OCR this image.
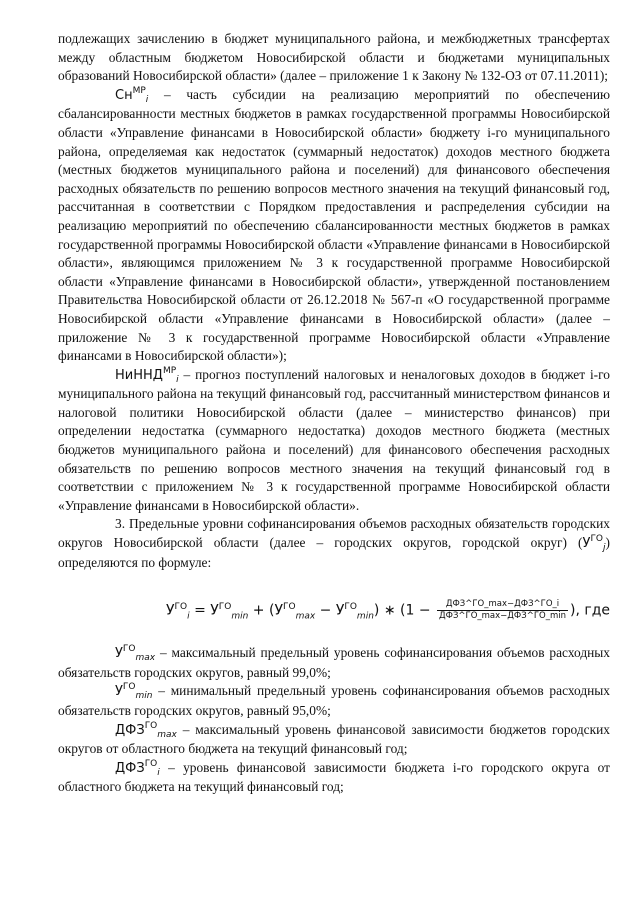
подлежащих зачислению в бюджет муниципального района, и межбюджетных трансфертах между областным бюджетом Новосибирской области и бюджетами муниципальных образований Новосибирской области» (далее – приложение 1 к Закону № 132-ОЗ от 07.11.2011);

$Сн^{МР}_i$ – часть субсидии на реализацию мероприятий по обеспечению сбалансированности местных бюджетов в рамках государственной программы Новосибирской области «Управление финансами в Новосибирской области» бюджету i-го муниципального района, определяемая как недостаток (суммарный недостаток) доходов местного бюджета (местных бюджетов муниципального района и поселений) для финансового обеспечения расходных обязательств по решению вопросов местного значения на текущий финансовый год, рассчитанная в соответствии с Порядком предоставления и распределения субсидии на реализацию мероприятий по обеспечению сбалансированности местных бюджетов в рамках государственной программы Новосибирской области «Управление финансами в Новосибирской области», являющимся приложением № 3 к государственной программе Новосибирской области «Управление финансами в Новосибирской области», утвержденной постановлением Правительства Новосибирской области от 26.12.2018 № 567-п «О государственной программе Новосибирской области «Управление финансами в Новосибирской области» (далее – приложение № 3 к государственной программе Новосибирской области «Управление финансами в Новосибирской области»);

НиННД$^{МР}_i$ – прогноз поступлений налоговых и неналоговых доходов в бюджет i-го муниципального района на текущий финансовый год, рассчитанный министерством финансов и налоговой политики Новосибирской области (далее – министерство финансов) при определении недостатка (суммарного недостатка) доходов местного бюджета (местных бюджетов муниципального района и поселений) для финансового обеспечения расходных обязательств по решению вопросов местного значения на текущий финансовый год в соответствии с приложением № 3 к государственной программе Новосибирской области «Управление финансами в Новосибирской области».

3. Предельные уровни софинансирования объемов расходных обязательств городских округов Новосибирской области (далее – городских округов, городской округ) $(У^{ГО}_j)$ определяются по формуле:

$У^{ГО}_i = У^{ГО}_{min} + (У^{ГО}_{max} - У^{ГО}_{min})$ ∗ ($1 - \frac{\text{ДФЗ\textasciicircum{}ГО\_max−ДФЗ\textasciicircum{}ГО\_i}}{\text{ДФЗ\textasciicircum{}ГО\_max−ДФЗ\textasciicircum{}ГО\_min}}$ ), где

$У^{ГО}_{max}$ – максимальный предельный уровень софинансирования объемов расходных обязательств городских округов, равный 99,0%;

$У^{ГО}_{min}$ – минимальный предельный уровень софинансирования объемов расходных обязательств городских округов, равный 95,0%;

$ДФЗ^{ГО}_{max}$ – максимальный уровень финансовой зависимости бюджетов городских округов от областного бюджета на текущий финансовый год;

$ДФЗ^{ГО}_i$ – уровень финансовой зависимости бюджета i-го городского округа от областного бюджета на текущий финансовый год;
